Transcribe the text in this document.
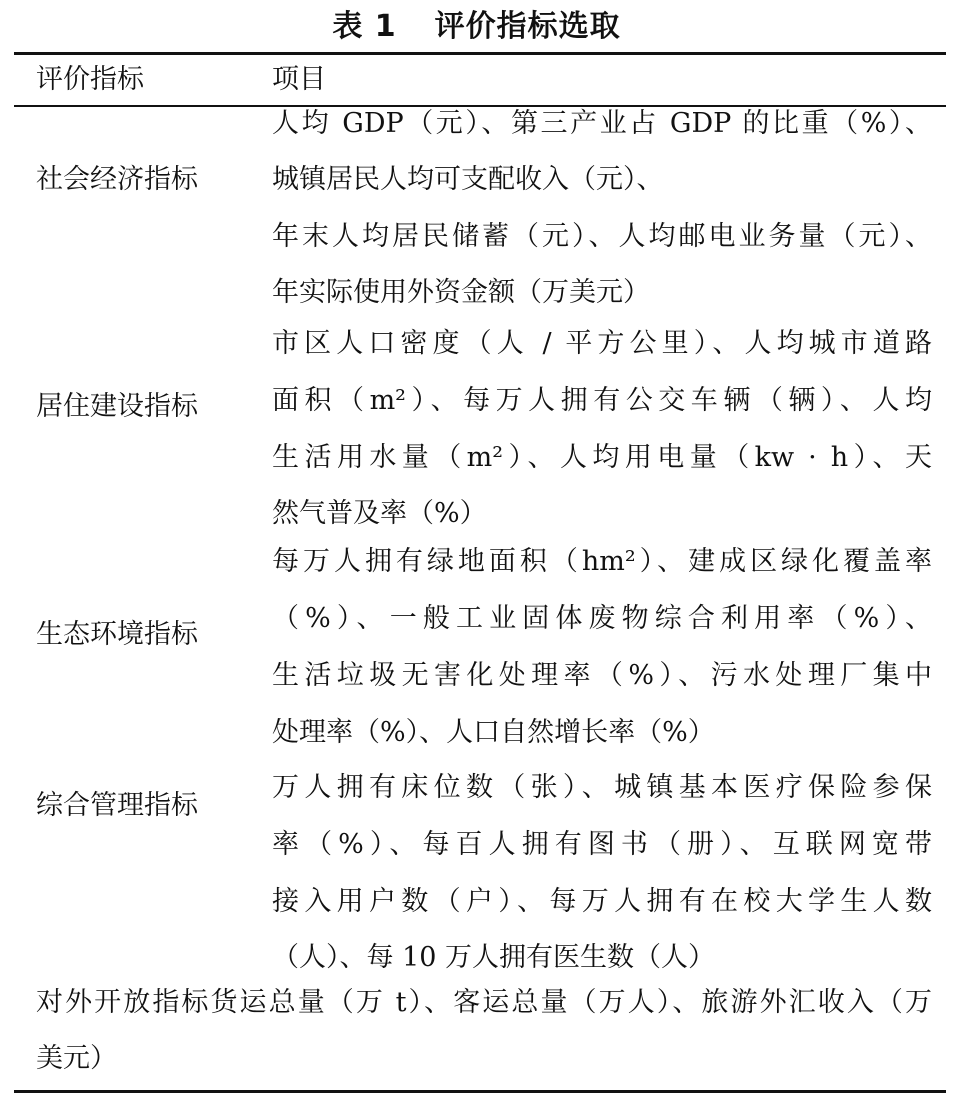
表 1 评价指标选取
评价指标	项目
社会经济指标
人均 GDP（元）、第三产业占 GDP 的比重（%）、
城镇居民人均可支配收入（元）、
年末人均居民储蓄（元）、人均邮电业务量（元）、
年实际使用外资金额（万美元）
居住建设指标
市区人口密度（人 / 平方公里）、人均城市道路
面积（m²）、每万人拥有公交车辆（辆）、人均
生活用水量（m²）、人均用电量（kw · h）、天
然气普及率（%）
生态环境指标
每万人拥有绿地面积（hm²）、建成区绿化覆盖率
（%）、一般工业固体废物综合利用率（%）、
生活垃圾无害化处理率（%）、污水处理厂集中
处理率（%）、人口自然增长率（%）
综合管理指标
万人拥有床位数（张）、城镇基本医疗保险参保
率（%）、每百人拥有图书（册）、互联网宽带
接入用户数（户）、每万人拥有在校大学生人数
（人）、每 10 万人拥有医生数（人）
对外开放指标货运总量（万 t）、客运总量（万人）、旅游外汇收入（万
美元）
